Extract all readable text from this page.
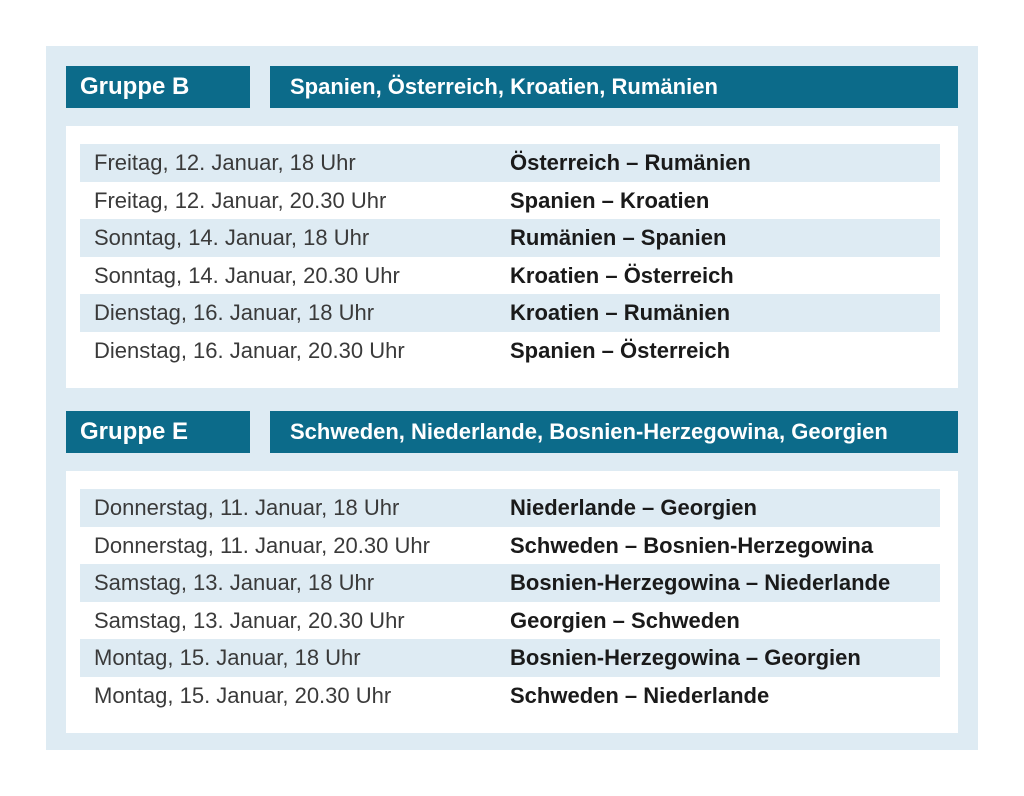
Gruppe B	Spanien, Österreich, Kroatien, Rumänien
Freitag, 12. Januar, 18 Uhr	Österreich – Rumänien
Freitag, 12. Januar, 20.30 Uhr	Spanien – Kroatien
Sonntag, 14. Januar, 18 Uhr	Rumänien – Spanien
Sonntag, 14. Januar, 20.30 Uhr	Kroatien – Österreich
Dienstag, 16. Januar, 18 Uhr	Kroatien – Rumänien
Dienstag, 16. Januar, 20.30 Uhr	Spanien – Österreich
Gruppe E	Schweden, Niederlande, Bosnien-Herzegowina, Georgien
Donnerstag, 11. Januar, 18 Uhr	Niederlande – Georgien
Donnerstag, 11. Januar, 20.30 Uhr	Schweden – Bosnien-Herzegowina
Samstag, 13. Januar, 18 Uhr	Bosnien-Herzegowina – Niederlande
Samstag, 13. Januar, 20.30 Uhr	Georgien – Schweden
Montag, 15. Januar, 18 Uhr	Bosnien-Herzegowina – Georgien
Montag, 15. Januar, 20.30 Uhr	Schweden – Niederlande
